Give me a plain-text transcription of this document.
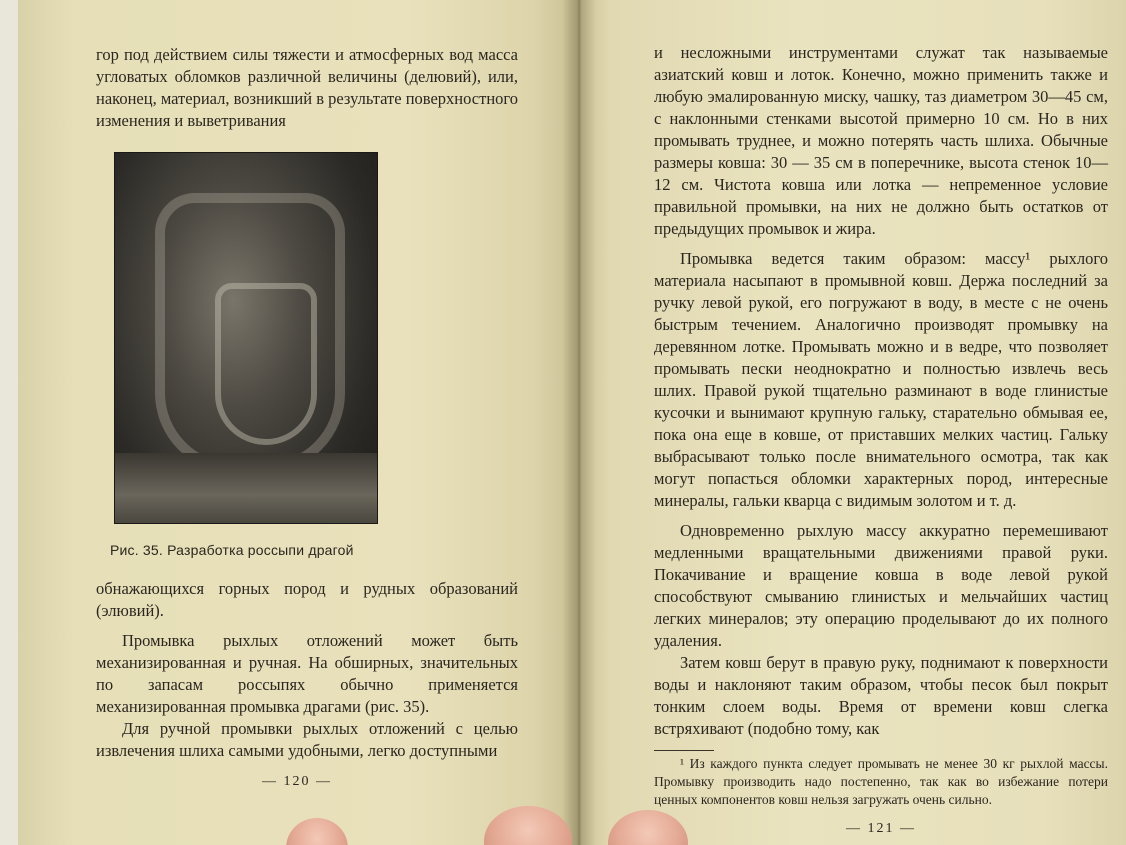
гор под действием силы тяжести и атмосферных вод масса угловатых обломков различной величины (делювий), или, наконец, материал, возникший в результате поверхностного изменения и выветривания

Рис. 35. Разработка россыпи драгой

обнажающихся горных пород и рудных образований (элювий).

Промывка рыхлых отложений может быть механизированная и ручная. На обширных, значительных по запасам россыпях обычно применяется механизированная промывка драгами (рис. 35).

Для ручной промывки рыхлых отложений с целью извлечения шлиха самыми удобными, легко доступными

— 120 —

и несложными инструментами служат так называемые азиатский ковш и лоток. Конечно, можно применить также и любую эмалированную миску, чашку, таз диаметром 30—45 см, с наклонными стенками высотой примерно 10 см. Но в них промывать труднее, и можно потерять часть шлиха. Обычные размеры ковша: 30 — 35 см в поперечнике, высота стенок 10—12 см. Чистота ковша или лотка — непременное условие правильной промывки, на них не должно быть остатков от предыдущих промывок и жира.

Промывка ведется таким образом: массу¹ рыхлого материала насыпают в промывной ковш. Держа последний за ручку левой рукой, его погружают в воду, в месте с не очень быстрым течением. Аналогично производят промывку на деревянном лотке. Промывать можно и в ведре, что позволяет промывать пески неоднократно и полностью извлечь весь шлих. Правой рукой тщательно разминают в воде глинистые кусочки и вынимают крупную гальку, старательно обмывая ее, пока она еще в ковше, от приставших мелких частиц. Гальку выбрасывают только после внимательного осмотра, так как могут попасться обломки характерных пород, интересные минералы, гальки кварца с видимым золотом и т. д.

Одновременно рыхлую массу аккуратно перемешивают медленными вращательными движениями правой руки. Покачивание и вращение ковша в воде левой рукой способствуют смыванию глинистых и мельчайших частиц легких минералов; эту операцию проделывают до их полного удаления.

Затем ковш берут в правую руку, поднимают к поверхности воды и наклоняют таким образом, чтобы песок был покрыт тонким слоем воды. Время от времени ковш слегка встряхивают (подобно тому, как

¹ Из каждого пункта следует промывать не менее 30 кг рыхлой массы. Промывку производить надо постепенно, так как во избежание потери ценных компонентов ковш нельзя загружать очень сильно.

— 121 —
